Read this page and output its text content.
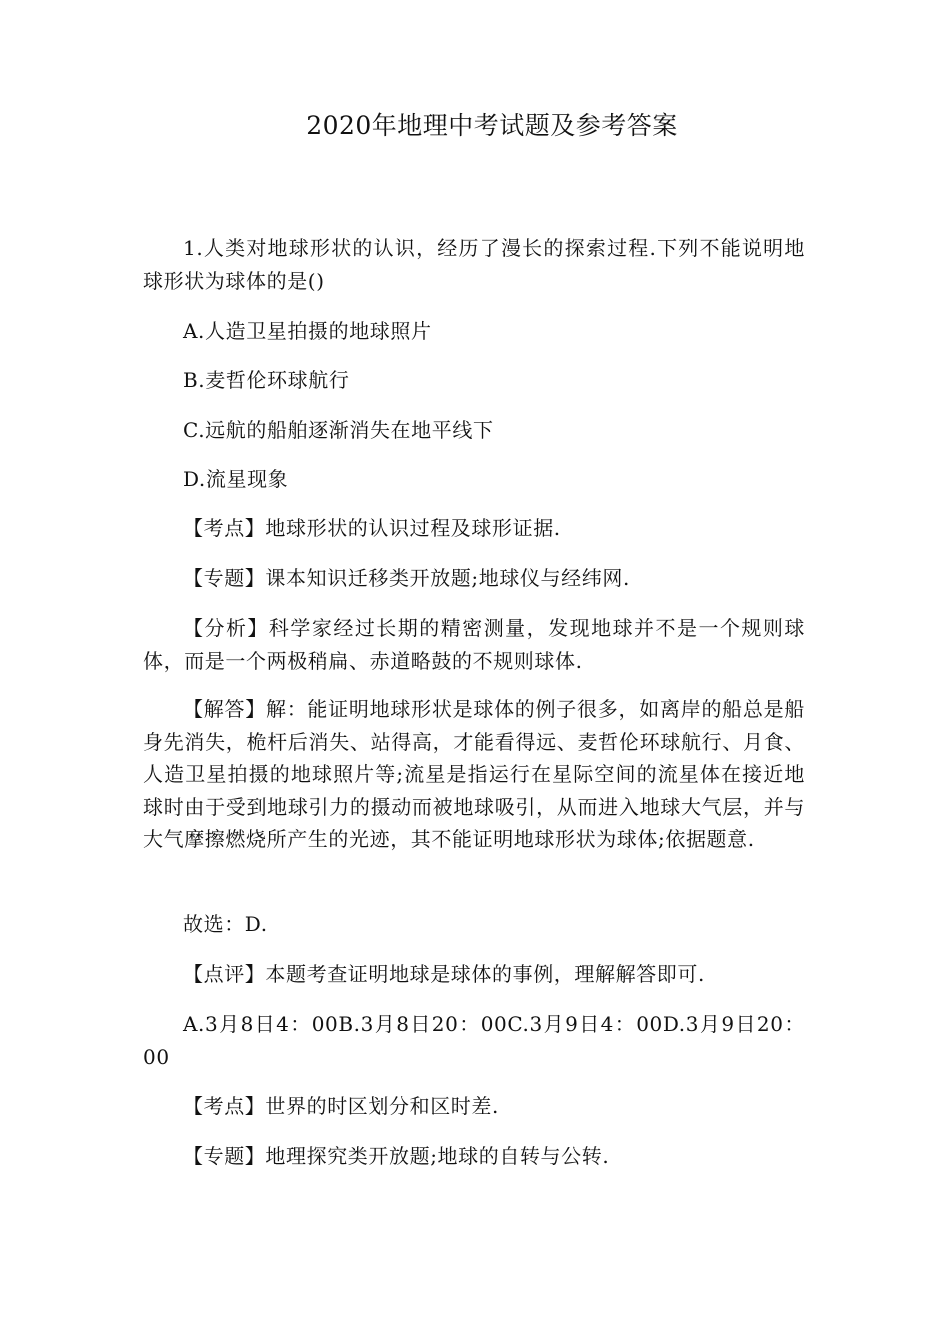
2020年地理中考试题及参考答案
1.人类对地球形状的认识，经历了漫长的探索过程.下列不能说明地球形状为球体的是()
A.人造卫星拍摄的地球照片
B.麦哲伦环球航行
C.远航的船舶逐渐消失在地平线下
D.流星现象
【考点】地球形状的认识过程及球形证据.
【专题】课本知识迁移类开放题;地球仪与经纬网.
【分析】科学家经过长期的精密测量，发现地球并不是一个规则球体，而是一个两极稍扁、赤道略鼓的不规则球体.
【解答】解：能证明地球形状是球体的例子很多，如离岸的船总是船身先消失，桅杆后消失、站得高，才能看得远、麦哲伦环球航行、月食、人造卫星拍摄的地球照片等;流星是指运行在星际空间的流星体在接近地球时由于受到地球引力的摄动而被地球吸引，从而进入地球大气层，并与大气摩擦燃烧所产生的光迹，其不能证明地球形状为球体;依据题意.
故选：D.
【点评】本题考查证明地球是球体的事例，理解解答即可.
A.3月8日4：00B.3月8日20：00C.3月9日4：00D.3月9日20：00
【考点】世界的时区划分和区时差.
【专题】地理探究类开放题;地球的自转与公转.
